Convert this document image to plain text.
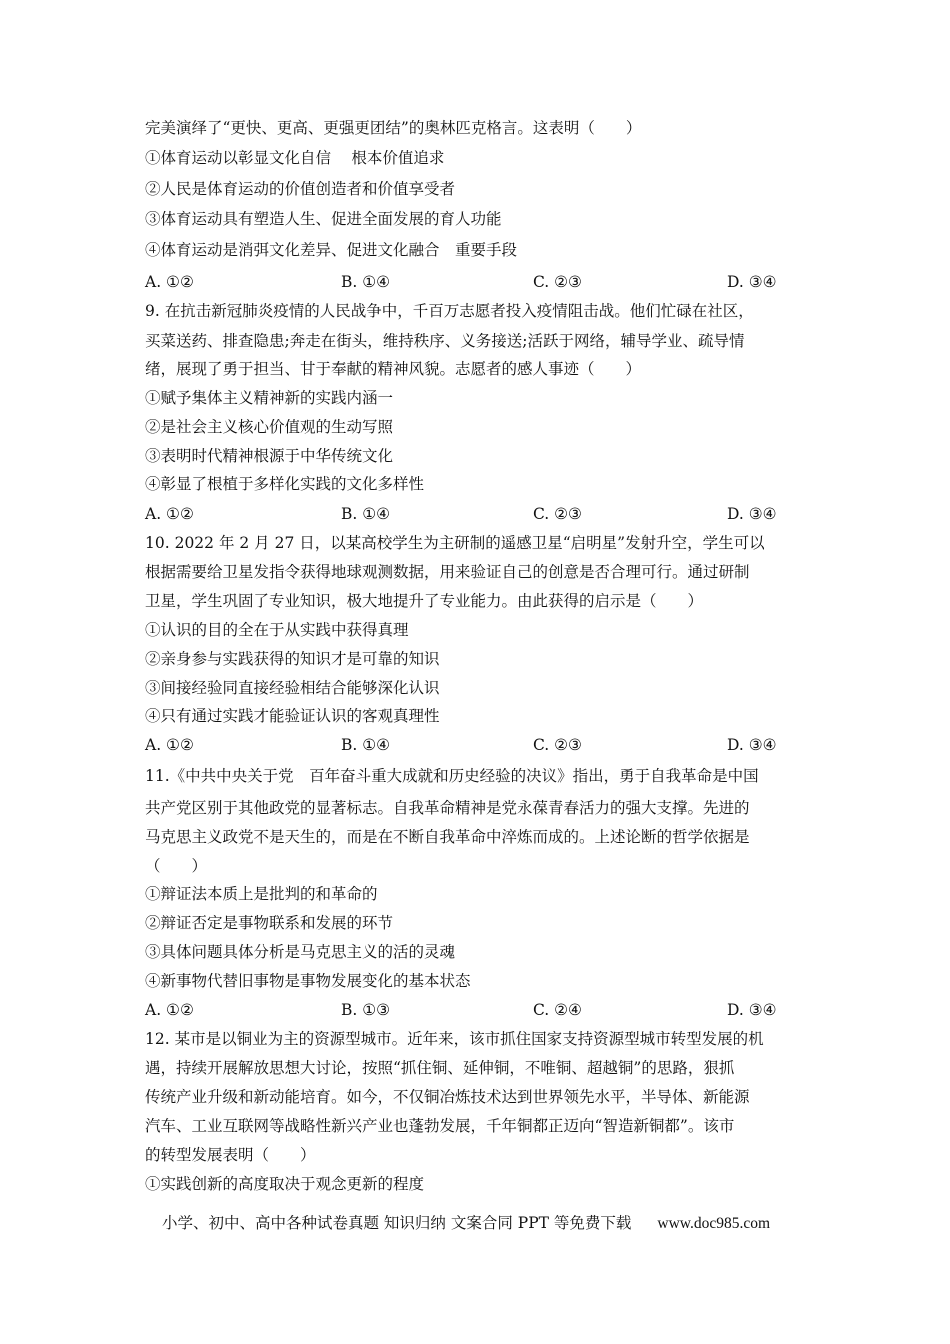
完美演绎了“更快、更高、更强更团结”的奥林匹克格言。这表明（　　）
①体育运动以彰显文化自信　 根本价值追求
②人民是体育运动的价值创造者和价值享受者
③体育运动具有塑造人生、促进全面发展的育人功能
④体育运动是消弭文化差异、促进文化融合　重要手段
A. ①②	B. ①④	C. ②③	D. ③④
9. 在抗击新冠肺炎疫情的人民战争中，千百万志愿者投入疫情阻击战。他们忙碌在社区，
买菜送药、排查隐患;奔走在街头，维持秩序、义务接送;活跃于网络，辅导学业、疏导情
绪，展现了勇于担当、甘于奉献的精神风貌。志愿者的感人事迹（　　）
①赋予集体主义精神新的实践内涵一
②是社会主义核心价值观的生动写照
③表明时代精神根源于中华传统文化
④彰显了根植于多样化实践的文化多样性
A. ①②	B. ①④	C. ②③	D. ③④
10. 2022 年 2 月 27 日，以某高校学生为主研制的遥感卫星“启明星”发射升空，学生可以
根据需要给卫星发指令获得地球观测数据，用来验证自己的创意是否合理可行。通过研制
卫星，学生巩固了专业知识，极大地提升了专业能力。由此获得的启示是（　　）
①认识的目的全在于从实践中获得真理
②亲身参与实践获得的知识才是可靠的知识
③间接经验同直接经验相结合能够深化认识
④只有通过实践才能验证认识的客观真理性
A. ①②	B. ①④	C. ②③	D. ③④
11.《中共中央关于党　百年奋斗重大成就和历史经验的决议》指出，勇于自我革命是中国
共产党区别于其他政党的显著标志。自我革命精神是党永葆青春活力的强大支撑。先进的
马克思主义政党不是天生的，而是在不断自我革命中淬炼而成的。上述论断的哲学依据是
（　　）
①辩证法本质上是批判的和革命的
②辩证否定是事物联系和发展的环节
③具体问题具体分析是马克思主义的活的灵魂
④新事物代替旧事物是事物发展变化的基本状态
A. ①②	B. ①③	C. ②④	D. ③④
12. 某市是以铜业为主的资源型城市。近年来，该市抓住国家支持资源型城市转型发展的机
遇，持续开展解放思想大讨论，按照“抓住铜、延伸铜，不唯铜、超越铜”的思路，狠抓
传统产业升级和新动能培育。如今，不仅铜冶炼技术达到世界领先水平，半导体、新能源
汽车、工业互联网等战略性新兴产业也蓬勃发展，千年铜都正迈向“智造新铜都”。该市
的转型发展表明（　　）
①实践创新的高度取决于观念更新的程度
小学、初中、高中各种试卷真题 知识归纳 文案合同 PPT 等免费下载 www.doc985.com
